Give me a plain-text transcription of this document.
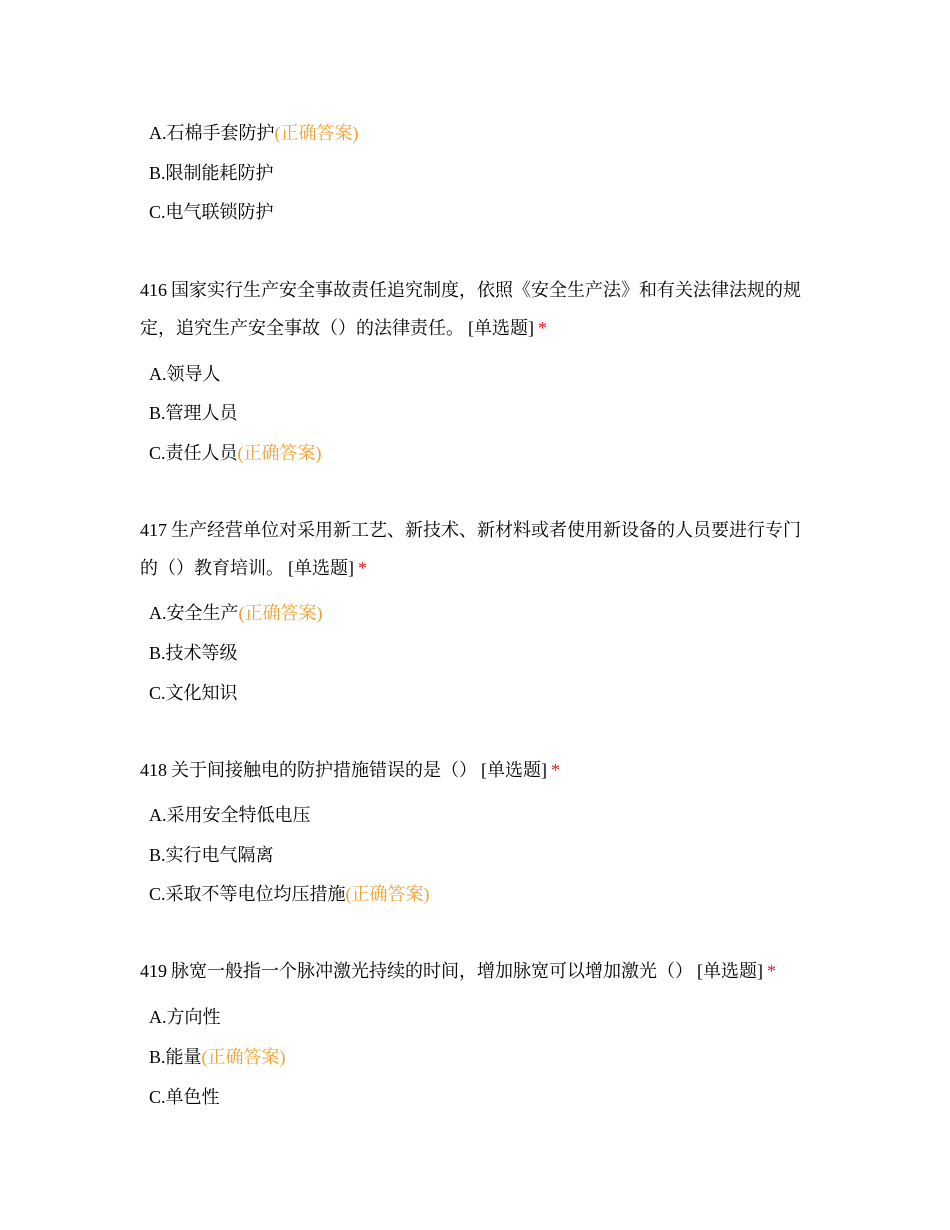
A.石棉手套防护(正确答案)
B.限制能耗防护
C.电气联锁防护
416 国家实行生产安全事故责任追究制度，依照《安全生产法》和有关法律法规的规定，追究生产安全事故（）的法律责任。 [单选题] *
A.领导人
B.管理人员
C.责任人员(正确答案)
417 生产经营单位对采用新工艺、新技术、新材料或者使用新设备的人员要进行专门的（）教育培训。 [单选题] *
A.安全生产(正确答案)
B.技术等级
C.文化知识
418 关于间接触电的防护措施错误的是（） [单选题] *
A.采用安全特低电压
B.实行电气隔离
C.采取不等电位均压措施(正确答案)
419 脉宽一般指一个脉冲激光持续的时间，增加脉宽可以增加激光（） [单选题] *
A.方向性
B.能量(正确答案)
C.单色性
